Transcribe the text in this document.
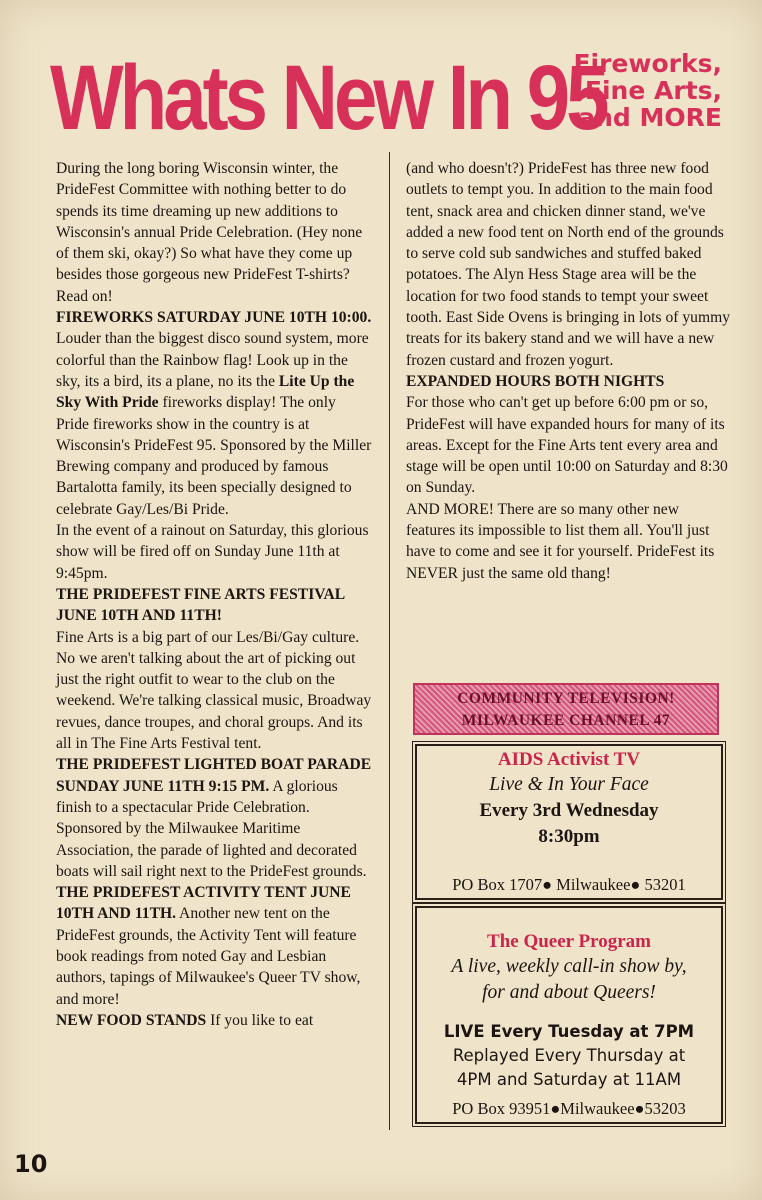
Whats New In 95
Fireworks,
Fine Arts,
and MORE

During the long boring Wisconsin winter, the PrideFest Committee with nothing better to do spends its time dreaming up new additions to Wisconsin's annual Pride Celebration. (Hey none of them ski, okay?) So what have they come up besides those gorgeous new PrideFest T-shirts? Read on!

FIREWORKS SATURDAY JUNE 10TH 10:00. Louder than the biggest disco sound system, more colorful than the Rainbow flag! Look up in the sky, its a bird, its a plane, no its the Lite Up the Sky With Pride fireworks display! The only Pride fireworks show in the country is at Wisconsin's PrideFest 95. Sponsored by the Miller Brewing company and produced by famous Bartalotta family, its been specially designed to celebrate Gay/Les/Bi Pride.

In the event of a rainout on Saturday, this glorious show will be fired off on Sunday June 11th at 9:45pm.

THE PRIDEFEST FINE ARTS FESTIVAL JUNE 10TH AND 11TH!

Fine Arts is a big part of our Les/Bi/Gay culture. No we aren't talking about the art of picking out just the right outfit to wear to the club on the weekend. We're talking classical music, Broadway revues, dance troupes, and choral groups. And its all in The Fine Arts Festival tent.

THE PRIDEFEST LIGHTED BOAT PARADE SUNDAY JUNE 11TH 9:15 PM. A glorious finish to a spectacular Pride Celebration. Sponsored by the Milwaukee Maritime Association, the parade of lighted and decorated boats will sail right next to the PrideFest grounds.

THE PRIDEFEST ACTIVITY TENT JUNE 10TH AND 11TH. Another new tent on the PrideFest grounds, the Activity Tent will feature book readings from noted Gay and Lesbian authors, tapings of Milwaukee's Queer TV show, and more!

NEW FOOD STANDS If you like to eat

(and who doesn't?) PrideFest has three new food outlets to tempt you. In addition to the main food tent, snack area and chicken dinner stand, we've added a new food tent on North end of the grounds to serve cold sub sandwiches and stuffed baked potatoes. The Alyn Hess Stage area will be the location for two food stands to tempt your sweet tooth. East Side Ovens is bringing in lots of yummy treats for its bakery stand and we will have a new frozen custard and frozen yogurt.

EXPANDED HOURS BOTH NIGHTS

For those who can't get up before 6:00 pm or so, PrideFest will have expanded hours for many of its areas. Except for the Fine Arts tent every area and stage will be open until 10:00 on Saturday and 8:30 on Sunday.

AND MORE! There are so many other new features its impossible to list them all. You'll just have to come and see it for yourself. PrideFest its NEVER just the same old thang!

COMMUNITY TELEVISION!
MILWAUKEE CHANNEL 47
AIDS Activist TV
Live & In Your Face
Every 3rd Wednesday
8:30pm
PO Box 1707● Milwaukee● 53201
The Queer Program
A live, weekly call-in show by,
for and about Queers!
LIVE Every Tuesday at 7PM
Replayed Every Thursday at
4PM and Saturday at 11AM
PO Box 93951●Milwaukee●53203
10
